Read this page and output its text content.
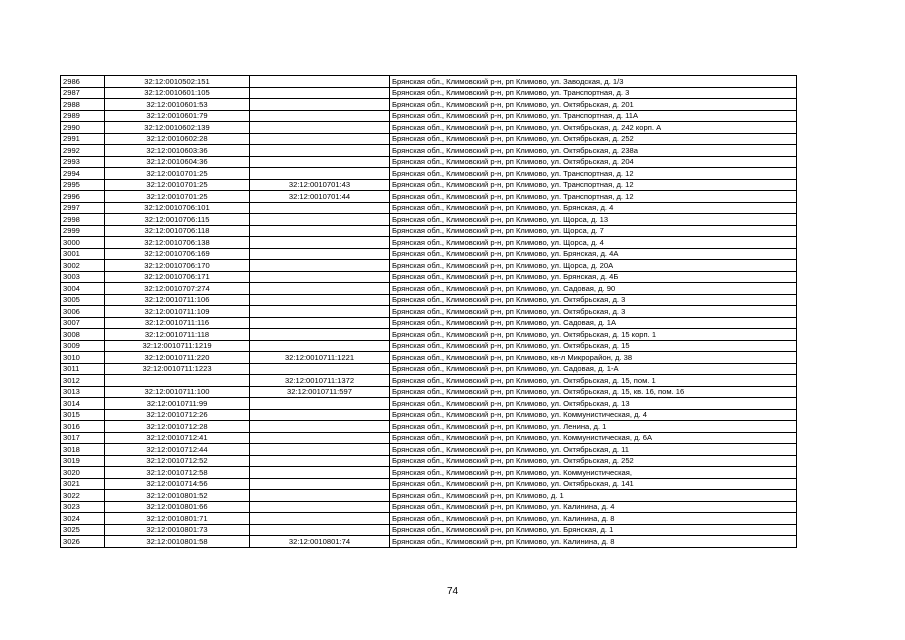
2986	32:12:0010502:151		Брянская обл., Климовский р-н, рп Климово, ул. Заводская, д. 1/3
2987	32:12:0010601:105		Брянская обл., Климовский р-н, рп Климово, ул. Транспортная, д. 3
2988	32:12:0010601:53		Брянская обл., Климовский р-н, рп Климово, ул. Октябрьская, д. 201
2989	32:12:0010601:79		Брянская обл., Климовский р-н, рп Климово, ул. Транспортная, д. 11А
2990	32:12:0010602:139		Брянская обл., Климовский р-н, рп Климово, ул. Октябрьская, д. 242 корп. А
2991	32:12:0010602:28		Брянская обл., Климовский р-н, рп Климово, ул. Октябрьская, д. 252
2992	32:12:0010603:36		Брянская обл., Климовский р-н, рп Климово, ул. Октябрьская, д. 238а
2993	32:12:0010604:36		Брянская обл., Климовский р-н, рп Климово, ул. Октябрьская, д. 204
2994	32:12:0010701:25		Брянская обл., Климовский р-н, рп Климово, ул. Транспортная, д. 12
2995	32:12:0010701:25	32:12:0010701:43	Брянская обл., Климовский р-н, рп Климово, ул. Транспортная, д. 12
2996	32:12:0010701:25	32:12:0010701:44	Брянская обл., Климовский р-н, рп Климово, ул. Транспортная, д. 12
2997	32:12:0010706:101		Брянская обл., Климовский р-н, рп Климово, ул. Брянская, д. 4
2998	32:12:0010706:115		Брянская обл., Климовский р-н, рп Климово, ул. Щорса, д. 13
2999	32:12:0010706:118		Брянская обл., Климовский р-н, рп Климово, ул. Щорса, д. 7
3000	32:12:0010706:138		Брянская обл., Климовский р-н, рп Климово, ул. Щорса, д. 4
3001	32:12:0010706:169		Брянская обл., Климовский р-н, рп Климово, ул. Брянская, д. 4А
3002	32:12:0010706:170		Брянская обл., Климовский р-н, рп Климово, ул. Щорса, д. 20А
3003	32:12:0010706:171		Брянская обл., Климовский р-н, рп Климово, ул. Брянская, д. 4Б
3004	32:12:0010707:274		Брянская обл., Климовский р-н, рп Климово, ул. Садовая, д. 90
3005	32:12:0010711:106		Брянская обл., Климовский р-н, рп Климово, ул. Октябрьская, д. 3
3006	32:12:0010711:109		Брянская обл., Климовский р-н, рп Климово, ул. Октябрьская, д. 3
3007	32:12:0010711:116		Брянская обл., Климовский р-н, рп Климово, ул. Садовая, д. 1А
3008	32:12:0010711:118		Брянская обл., Климовский р-н, рп Климово, ул. Октябрьская, д. 15 корп. 1
3009	32:12:0010711:1219		Брянская обл., Климовский р-н, рп Климово, ул. Октябрьская, д. 15
3010	32:12:0010711:220	32:12:0010711:1221	Брянская обл., Климовский р-н, рп Климово, кв-л Микрорайон, д. 38
3011	32:12:0010711:1223		Брянская обл., Климовский р-н, рп Климово, ул. Садовая, д. 1-А
3012		32:12:0010711:1372	Брянская обл., Климовский р-н, рп Климово, ул. Октябрьская, д. 15, пом. 1
3013	32:12:0010711:100	32:12:0010711:597	Брянская обл., Климовский р-н, рп Климово, ул. Октябрьская, д. 15, кв. 16, пом. 16
3014	32:12:0010711:99		Брянская обл., Климовский р-н, рп Климово, ул. Октябрьская, д. 13
3015	32:12:0010712:26		Брянская обл., Климовский р-н, рп Климово, ул. Коммунистическая, д. 4
3016	32:12:0010712:28		Брянская обл., Климовский р-н, рп Климово, ул. Ленина, д. 1
3017	32:12:0010712:41		Брянская обл., Климовский р-н, рп Климово, ул. Коммунистическая, д. 6А
3018	32:12:0010712:44		Брянская обл., Климовский р-н, рп Климово, ул. Октябрьская, д. 11
3019	32:12:0010712:52		Брянская обл., Климовский р-н, рп Климово, ул. Октябрьская, д. 252
3020	32:12:0010712:58		Брянская обл., Климовский р-н, рп Климово, ул. Коммунистическая,
3021	32:12:0010714:56		Брянская обл., Климовский р-н, рп Климово, ул. Октябрьская, д. 141
3022	32:12:0010801:52		Брянская обл., Климовский р-н, рп Климово, д. 1
3023	32:12:0010801:66		Брянская обл., Климовский р-н, рп Климово, ул. Калинина, д. 4
3024	32:12:0010801:71		Брянская обл., Климовский р-н, рп Климово, ул. Калинина, д. 8
3025	32:12:0010801:73		Брянская обл., Климовский р-н, рп Климово, ул. Брянская, д. 1
3026	32:12:0010801:58	32:12:0010801:74	Брянская обл., Климовский р-н, рп Климово, ул. Калинина, д. 8
74
